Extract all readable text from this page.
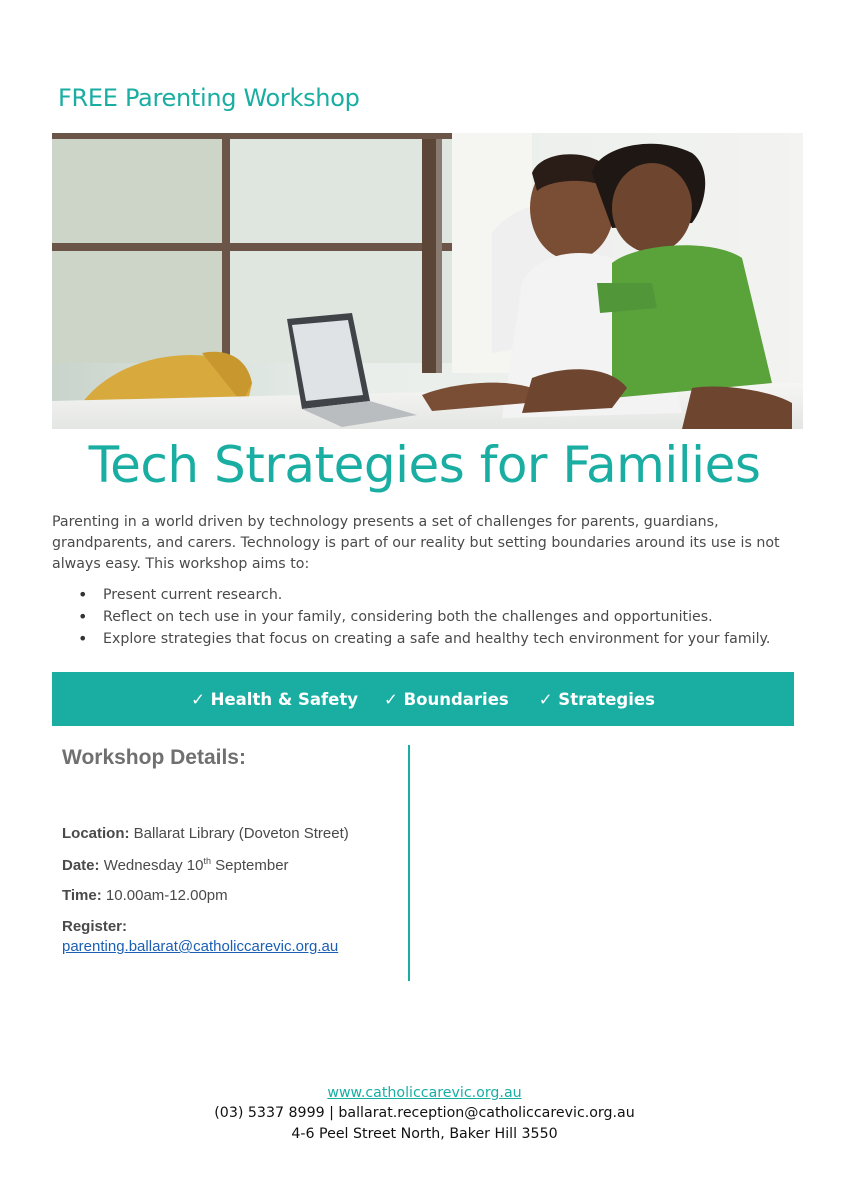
FREE Parenting Workshop
Tech Strategies for Families
Parenting in a world driven by technology presents a set of challenges for parents, guardians, grandparents, and carers. Technology is part of our reality but setting boundaries around its use is not always easy. This workshop aims to:
• Present current research.
• Reflect on tech use in your family, considering both the challenges and opportunities.
• Explore strategies that focus on creating a safe and healthy tech environment for your family.
✓ Health & Safety ✓ Boundaries ✓ Strategies
Workshop Details:
Location: Ballarat Library (Doveton Street)
Date: Wednesday 10th September
Time: 10.00am-12.00pm
Register:
parenting.ballarat@catholiccarevic.org.au
www.catholiccarevic.org.au
(03) 5337 8999 | ballarat.reception@catholiccarevic.org.au
4-6 Peel Street North, Baker Hill 3550
